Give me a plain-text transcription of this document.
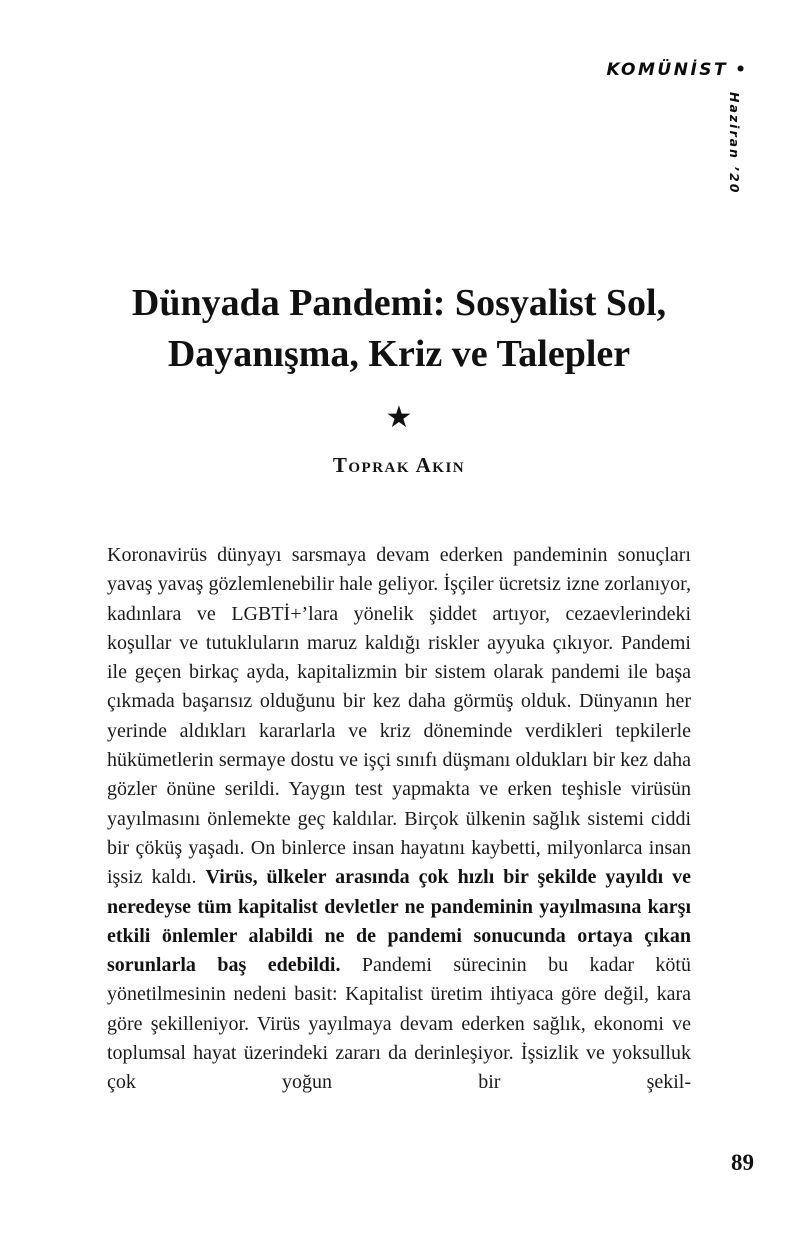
KOMÜNİST •
Haziran ’20
Dünyada Pandemi: Sosyalist Sol,
Dayanışma, Kriz ve Talepler
★
Toprak Akın

Koronavirüs dünyayı sarsmaya devam ederken pandeminin sonuçları yavaş yavaş gözlemlenebilir hale geliyor. İşçiler ücretsiz izne zorlanıyor, kadınlara ve LGBTİ+’lara yönelik şiddet artıyor, cezaevlerindeki koşullar ve tutukluların maruz kaldığı riskler ayyuka çıkıyor. Pandemi ile geçen birkaç ayda, kapitalizmin bir sistem olarak pandemi ile başa çıkmada başarısız olduğunu bir kez daha görmüş olduk. Dünyanın her yerinde aldıkları kararlarla ve kriz döneminde verdikleri tepkilerle hükümetlerin sermaye dostu ve işçi sınıfı düşmanı oldukları bir kez daha gözler önüne serildi. Yaygın test yapmakta ve erken teşhisle virüsün yayılmasını önlemekte geç kaldılar. Birçok ülkenin sağlık sistemi ciddi bir çöküş yaşadı. On binlerce insan hayatını kaybetti, milyonlarca insan işsiz kaldı. Virüs, ülkeler arasında çok hızlı bir şekilde yayıldı ve neredeyse tüm kapitalist devletler ne pandeminin yayılmasına karşı etkili önlemler alabildi ne de pandemi sonucunda ortaya çıkan sorunlarla baş edebildi. Pandemi sürecinin bu kadar kötü yönetilmesinin nedeni basit: Kapitalist üretim ihtiyaca göre değil, kara göre şekilleniyor. Virüs yayılmaya devam ederken sağlık, ekonomi ve toplumsal hayat üzerindeki zararı da derinleşiyor. İşsizlik ve yoksulluk çok yoğun bir şekil-

89
